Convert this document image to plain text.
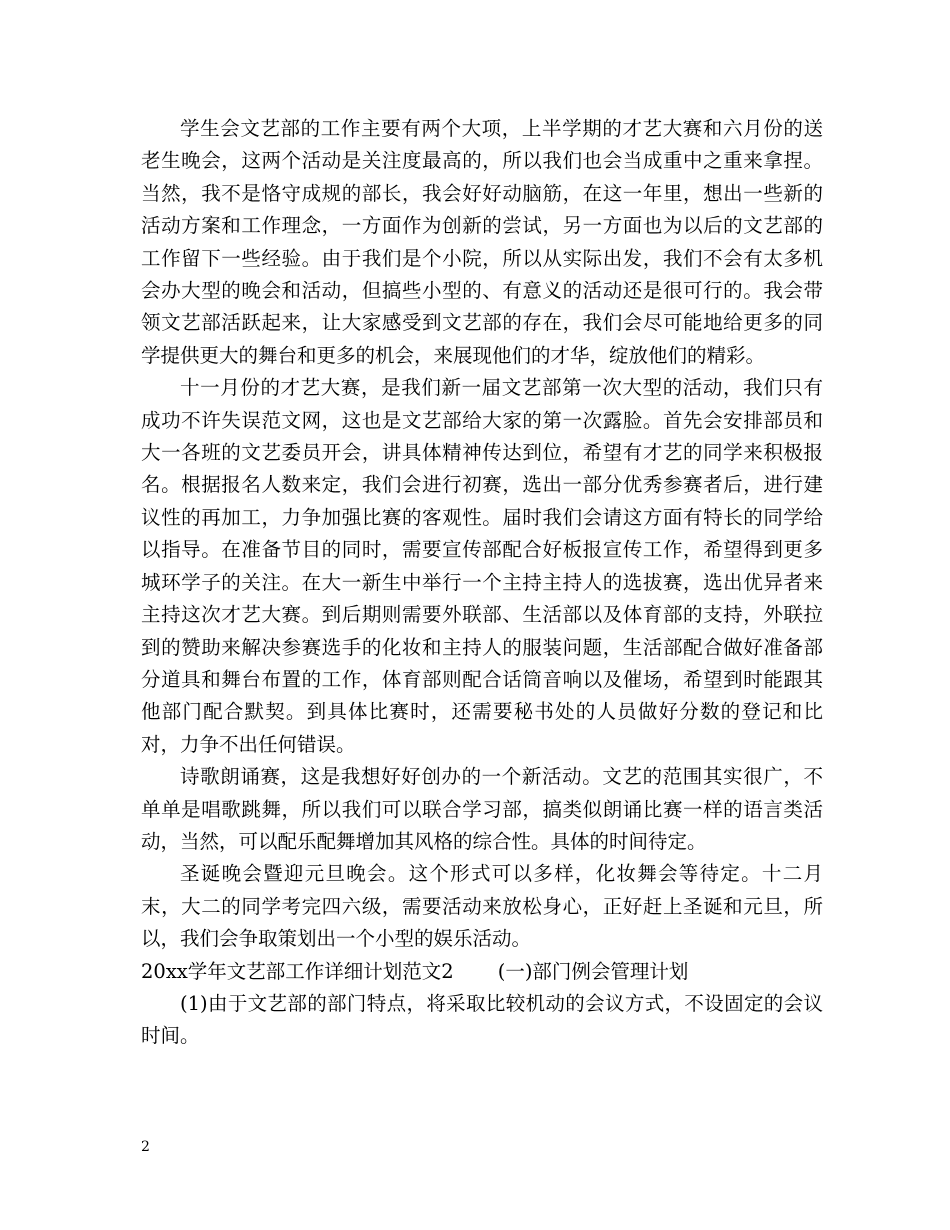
学生会文艺部的工作主要有两个大项，上半学期的才艺大赛和六月份的送老生晚会，这两个活动是关注度最高的，所以我们也会当成重中之重来拿捏。当然，我不是恪守成规的部长，我会好好动脑筋，在这一年里，想出一些新的活动方案和工作理念，一方面作为创新的尝试，另一方面也为以后的文艺部的工作留下一些经验。由于我们是个小院，所以从实际出发，我们不会有太多机会办大型的晚会和活动，但搞些小型的、有意义的活动还是很可行的。我会带领文艺部活跃起来，让大家感受到文艺部的存在，我们会尽可能地给更多的同学提供更大的舞台和更多的机会，来展现他们的才华，绽放他们的精彩。

十一月份的才艺大赛，是我们新一届文艺部第一次大型的活动，我们只有成功不许失误范文网，这也是文艺部给大家的第一次露脸。首先会安排部员和大一各班的文艺委员开会，讲具体精神传达到位，希望有才艺的同学来积极报名。根据报名人数来定，我们会进行初赛，选出一部分优秀参赛者后，进行建议性的再加工，力争加强比赛的客观性。届时我们会请这方面有特长的同学给以指导。在准备节目的同时，需要宣传部配合好板报宣传工作，希望得到更多城环学子的关注。在大一新生中举行一个主持主持人的选拔赛，选出优异者来主持这次才艺大赛。到后期则需要外联部、生活部以及体育部的支持，外联拉到的赞助来解决参赛选手的化妆和主持人的服装问题，生活部配合做好准备部分道具和舞台布置的工作，体育部则配合话筒音响以及催场，希望到时能跟其他部门配合默契。到具体比赛时，还需要秘书处的人员做好分数的登记和比对，力争不出任何错误。

诗歌朗诵赛，这是我想好好创办的一个新活动。文艺的范围其实很广，不单单是唱歌跳舞，所以我们可以联合学习部，搞类似朗诵比赛一样的语言类活动，当然，可以配乐配舞增加其风格的综合性。具体的时间待定。

圣诞晚会暨迎元旦晚会。这个形式可以多样，化妆舞会等待定。十二月末，大二的同学考完四六级，需要活动来放松身心，正好赶上圣诞和元旦，所以，我们会争取策划出一个小型的娱乐活动。

20xx学年文艺部工作详细计划范文2 (一)部门例会管理计划

(1)由于文艺部的部门特点，将采取比较机动的会议方式，不设固定的会议时间。

2
